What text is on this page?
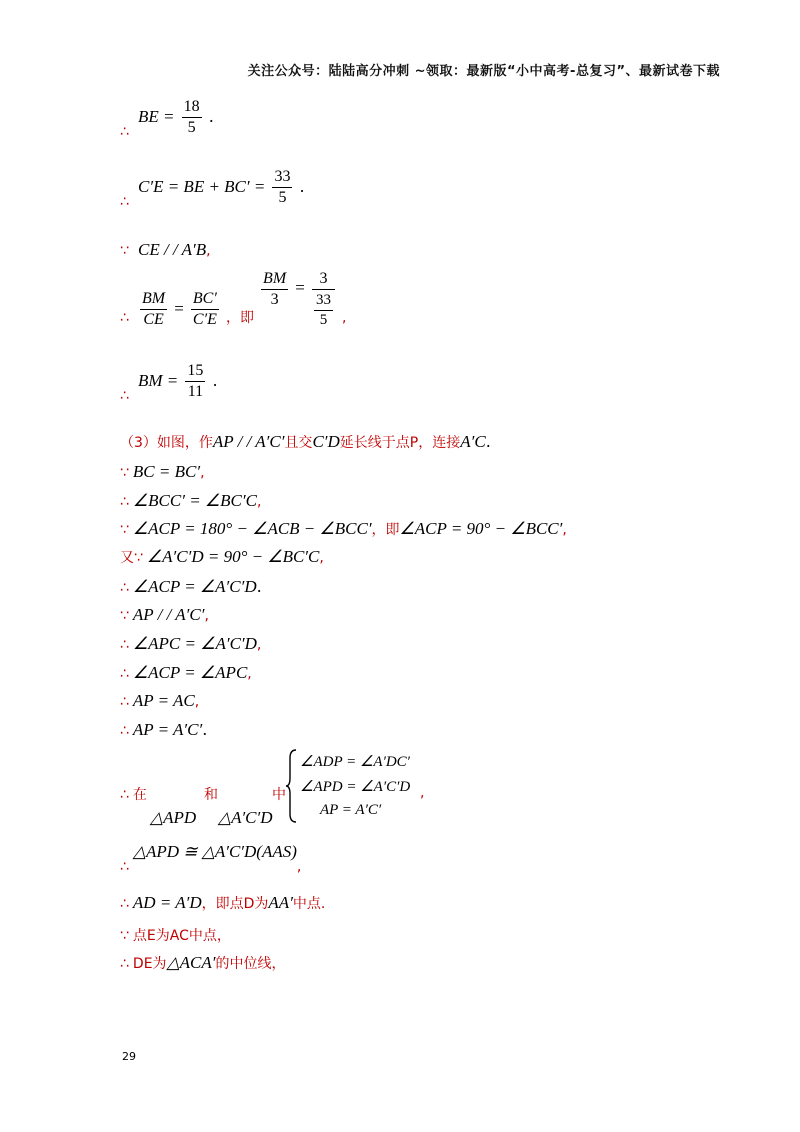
关注公众号：陆陆高分冲刺 ~领取：最新版“小中高考-总复习”、最新试卷下载
∴ BE = $\frac{18}{5}$ .
∴ C′E = BE + $BC' = \frac{33}{5}$ .
∵ CE / / A′B,
∴ $\frac{BM}{CE} = \frac{BC'}{C'E}$ ，即
$\frac{BM}{3} = \frac{3}{\frac{33}{5}}$ ,
∴ BM = $\frac{15}{11}$ .
（3）如图，作AP / / A′C′且交C′D延长线于点P，连接A′C.
∵ BC = BC′,
∴ ∠BCC′ = ∠BC′C,
∵ ∠ACP = 180° − ∠ACB − ∠BCC′，即∠ACP = 90° − ∠BCC′,
又∵ ∠A′C′D = 90° − ∠BC′C,
∴ ∠ACP = ∠A′C′D.
∵ AP / / A′C′,
∴ ∠APC = ∠A′C′D,
∴ ∠ACP = ∠APC,
∴ AP = AC,
∴ AP = A′C′.
∴ 在	和	中
△APD △A′C′D
∠ADP = ∠A′DC′
∠APD = ∠A′C′D
AP = A′C′
,
∴△APD ≅ △A′C′D(AAS),
∴ AD = A′D，即点D为AA′中点.
∵ 点E为AC中点，
∴ DE为△ACA′的中位线，
29
